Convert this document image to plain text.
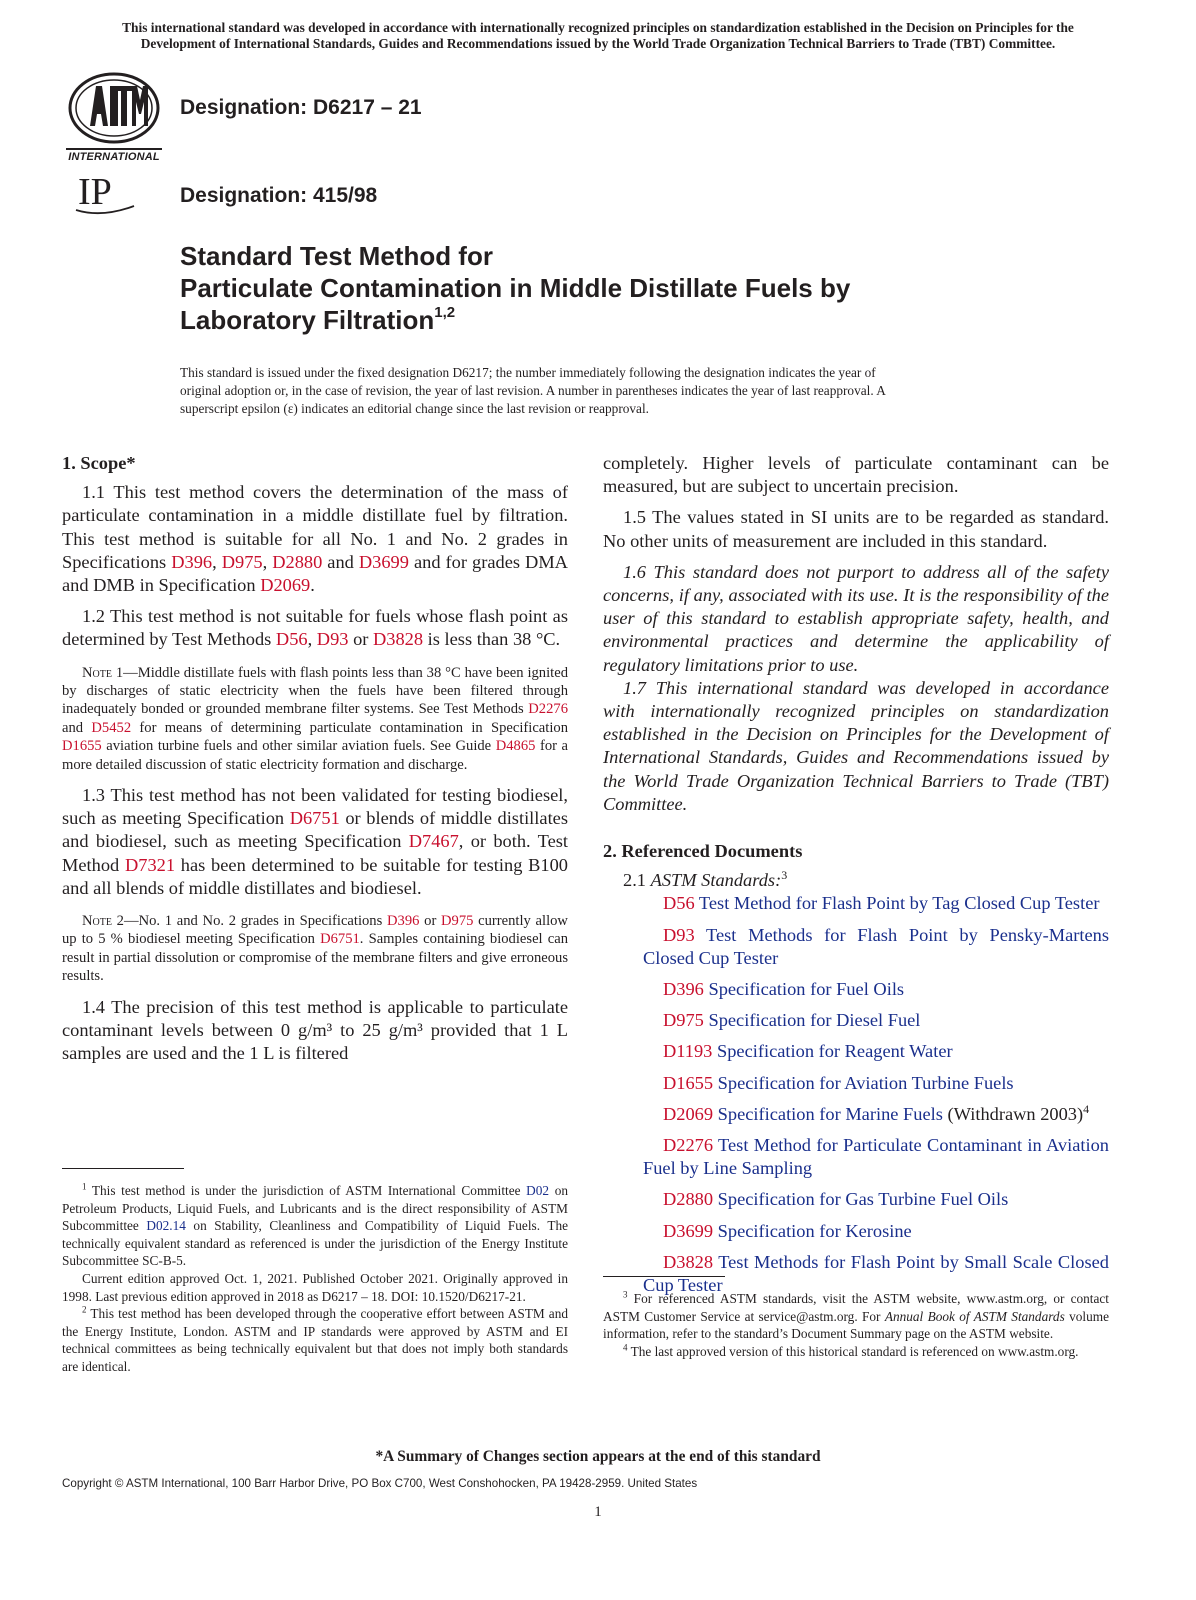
This international standard was developed in accordance with internationally recognized principles on standardization established in the Decision on Principles for the
Development of International Standards, Guides and Recommendations issued by the World Trade Organization Technical Barriers to Trade (TBT) Committee.
INTERNATIONAL
Designation: D6217 – 21
IP	Designation: 415/98
Standard Test Method for
Particulate Contamination in Middle Distillate Fuels by
Laboratory Filtration$^{1,2}$
This standard is issued under the fixed designation D6217; the number immediately following the designation indicates the year of
original adoption or, in the case of revision, the year of last revision. A number in parentheses indicates the year of last reapproval. A
superscript epsilon (ε) indicates an editorial change since the last revision or reapproval.
1. Scope*

1.1 This test method covers the determination of the mass of particulate contamination in a middle distillate fuel by filtration. This test method is suitable for all No. 1 and No. 2 grades in Specifications D396, D975, D2880 and D3699 and for grades DMA and DMB in Specification D2069.

1.2 This test method is not suitable for fuels whose flash point as determined by Test Methods D56, D93 or D3828 is less than 38 °C.

Note 1—Middle distillate fuels with flash points less than 38 °C have been ignited by discharges of static electricity when the fuels have been filtered through inadequately bonded or grounded membrane filter systems. See Test Methods D2276 and D5452 for means of determining particulate contamination in Specification D1655 aviation turbine fuels and other similar aviation fuels. See Guide D4865 for a more detailed discussion of static electricity formation and discharge.

1.3 This test method has not been validated for testing biodiesel, such as meeting Specification D6751 or blends of middle distillates and biodiesel, such as meeting Specification D7467, or both. Test Method D7321 has been determined to be suitable for testing B100 and all blends of middle distillates and biodiesel.

Note 2—No. 1 and No. 2 grades in Specifications D396 or D975 currently allow up to 5 % biodiesel meeting Specification D6751. Samples containing biodiesel can result in partial dissolution or compromise of the membrane filters and give erroneous results.

1.4 The precision of this test method is applicable to particulate contaminant levels between 0 g/m³ to 25 g/m³ provided that 1 L samples are used and the 1 L is filtered

$^1$ This test method is under the jurisdiction of ASTM International Committee D02 on Petroleum Products, Liquid Fuels, and Lubricants and is the direct responsibility of ASTM Subcommittee D02.14 on Stability, Cleanliness and Compatibility of Liquid Fuels. The technically equivalent standard as referenced is under the jurisdiction of the Energy Institute Subcommittee SC-B-5.

Current edition approved Oct. 1, 2021. Published October 2021. Originally approved in 1998. Last previous edition approved in 2018 as D6217 – 18. DOI: 10.1520/D6217-21.

$^2$ This test method has been developed through the cooperative effort between ASTM and the Energy Institute, London. ASTM and IP standards were approved by ASTM and EI technical committees as being technically equivalent but that does not imply both standards are identical.

completely. Higher levels of particulate contaminant can be measured, but are subject to uncertain precision.

1.5 The values stated in SI units are to be regarded as standard. No other units of measurement are included in this standard.

1.6 This standard does not purport to address all of the safety concerns, if any, associated with its use. It is the responsibility of the user of this standard to establish appropriate safety, health, and environmental practices and determine the applicability of regulatory limitations prior to use.

1.7 This international standard was developed in accordance with internationally recognized principles on standardization established in the Decision on Principles for the Development of International Standards, Guides and Recommendations issued by the World Trade Organization Technical Barriers to Trade (TBT) Committee.

2. Referenced Documents

2.1 ASTM Standards:$^3$

D56 Test Method for Flash Point by Tag Closed Cup Tester

D93 Test Methods for Flash Point by Pensky-Martens Closed Cup Tester

D396 Specification for Fuel Oils

D975 Specification for Diesel Fuel

D1193 Specification for Reagent Water

D1655 Specification for Aviation Turbine Fuels

D2069 Specification for Marine Fuels (Withdrawn 2003)$^4$

D2276 Test Method for Particulate Contaminant in Aviation Fuel by Line Sampling

D2880 Specification for Gas Turbine Fuel Oils

D3699 Specification for Kerosine

D3828 Test Methods for Flash Point by Small Scale Closed Cup Tester

$^3$ For referenced ASTM standards, visit the ASTM website, www.astm.org, or contact ASTM Customer Service at service@astm.org. For Annual Book of ASTM Standards volume information, refer to the standard’s Document Summary page on the ASTM website.

$^4$ The last approved version of this historical standard is referenced on www.astm.org.

*A Summary of Changes section appears at the end of this standard
Copyright © ASTM International, 100 Barr Harbor Drive, PO Box C700, West Conshohocken, PA 19428-2959. United States
1
